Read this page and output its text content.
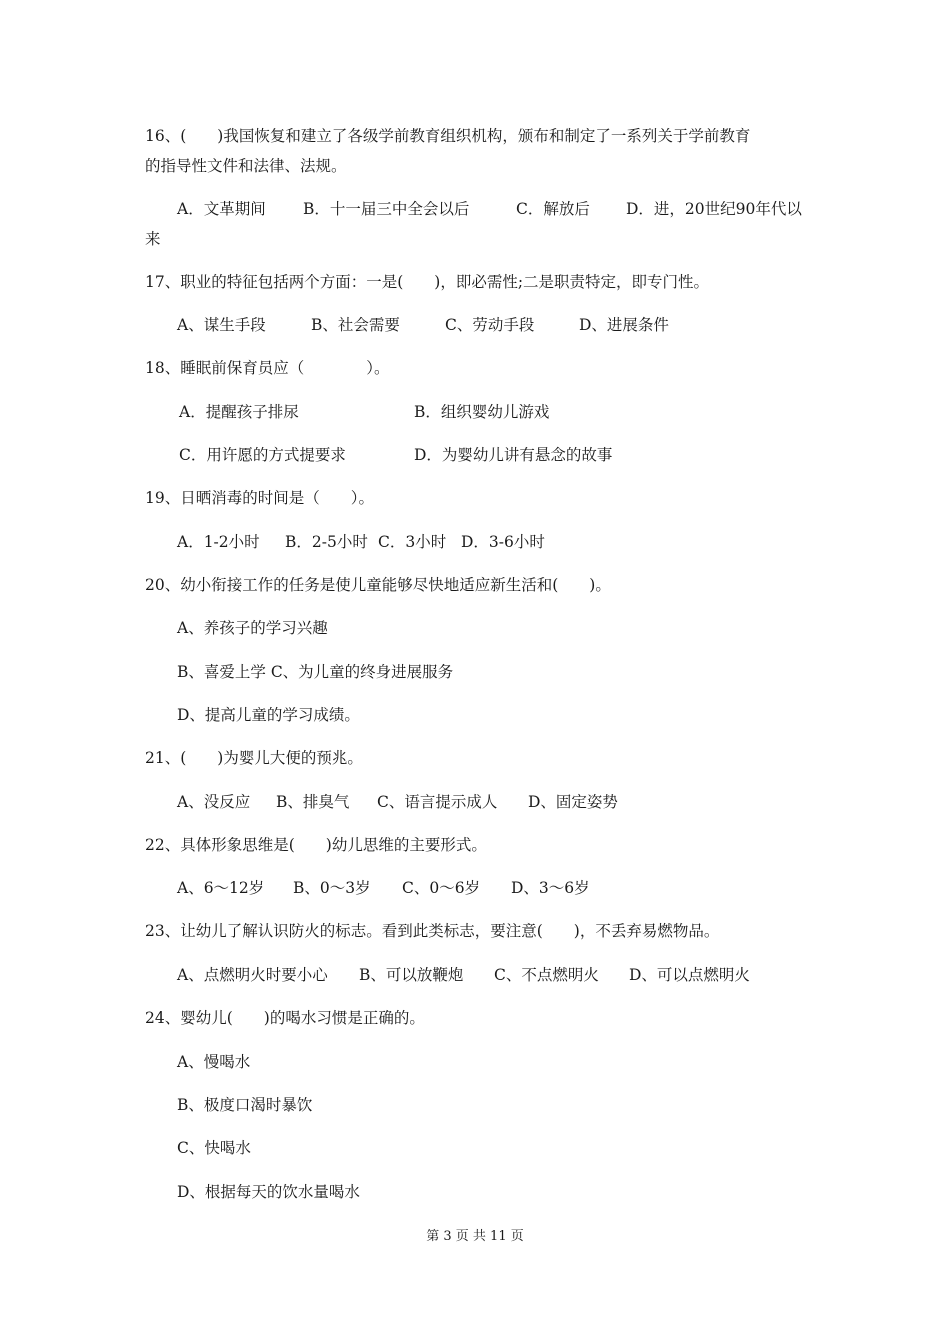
16、(　　)我国恢复和建立了各级学前教育组织机构，颁布和制定了一系列关于学前教育
的指导性文件和法律、法规。
A．文革期间 B．十一届三中全会以后	C．解放后 D．进，20世纪90年代以
来
17、职业的特征包括两个方面：一是(　　)，即必需性;二是职责特定，即专门性。
A、谋生手段	B、社会需要	C、劳动手段	D、进展条件
18、睡眠前保育员应（　　　　）。
A．提醒孩子排尿	B．组织婴幼儿游戏
C．用许愿的方式提要求	D．为婴幼儿讲有悬念的故事
19、日晒消毒的时间是（　　）。
A．1-2小时 B．2-5小时 C．3小时 D．3-6小时
20、幼小衔接工作的任务是使儿童能够尽快地适应新生活和(　　)。
A、养孩子的学习兴趣
B、喜爱上学 C、为儿童的终身进展服务
D、提高儿童的学习成绩。
21、(　　)为婴儿大便的预兆。
A、没反应 B、排臭气 C、语言提示成人 D、固定姿势
22、具体形象思维是(　　)幼儿思维的主要形式。
A、6～12岁 B、0～3岁 C、0～6岁 D、3～6岁
23、让幼儿了解认识防火的标志。看到此类标志，要注意(　　)，不丢弃易燃物品。
A、点燃明火时要小心 B、可以放鞭炮 C、不点燃明火 D、可以点燃明火
24、婴幼儿(　　)的喝水习惯是正确的。
A、慢喝水
B、极度口渴时暴饮
C、快喝水
D、根据每天的饮水量喝水
第 3 页 共 11 页
